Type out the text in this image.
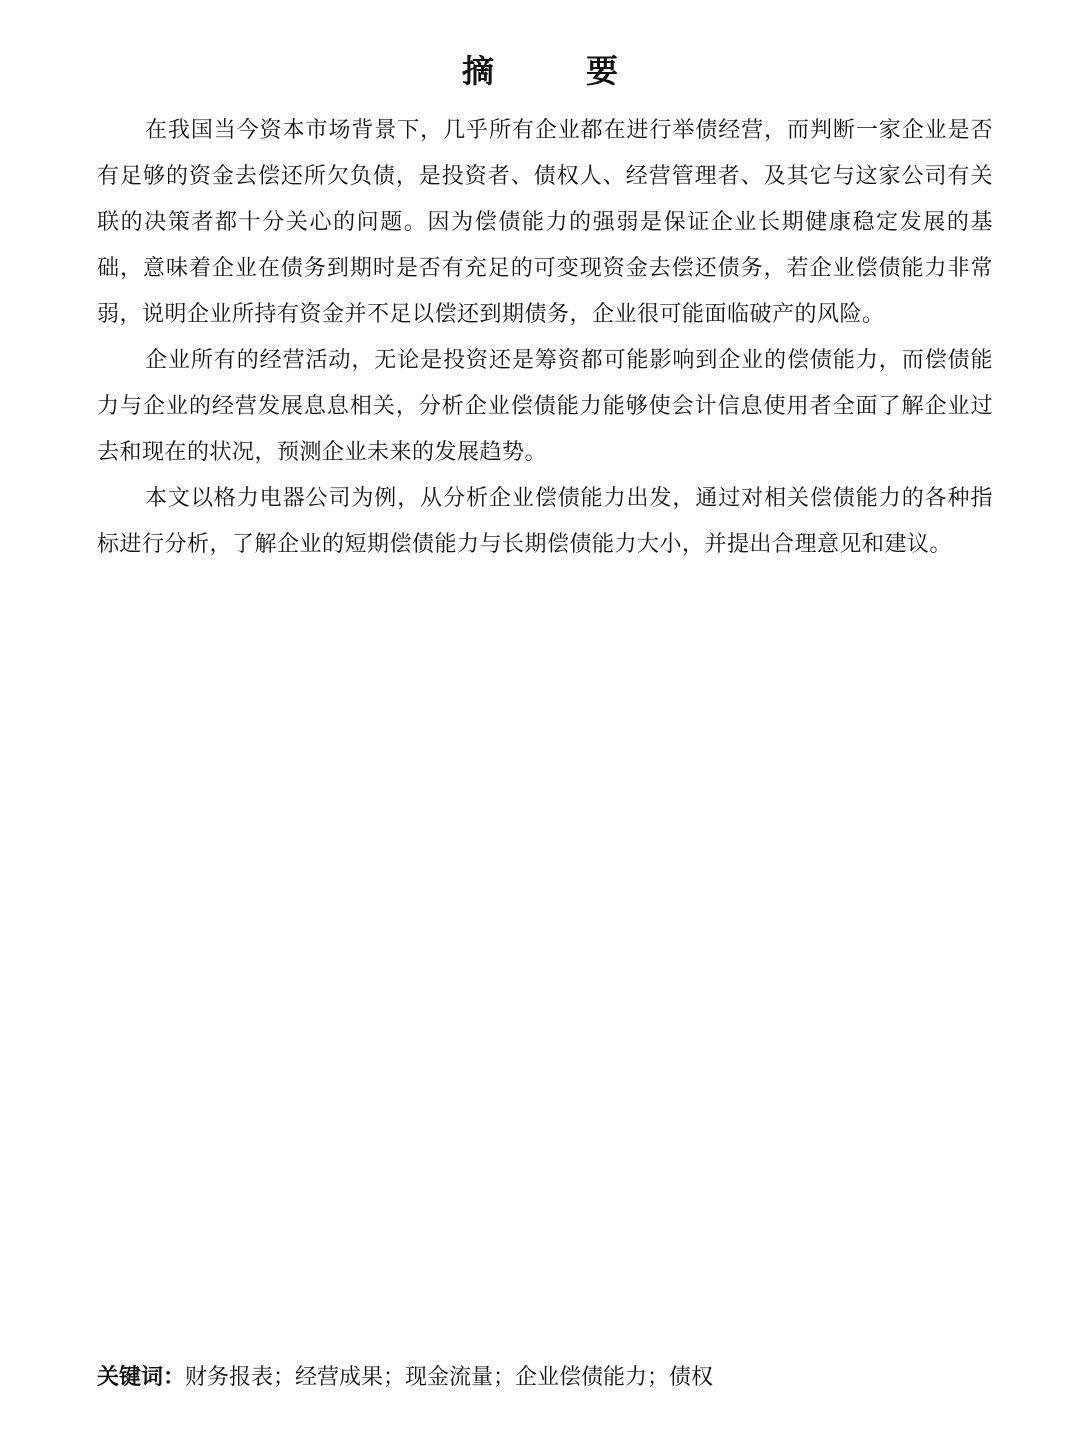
摘　要

在我国当今资本市场背景下，几乎所有企业都在进行举债经营，而判断一家企业是否有足够的资金去偿还所欠负债，是投资者、债权人、经营管理者、及其它与这家公司有关联的决策者都十分关心的问题。因为偿债能力的强弱是保证企业长期健康稳定发展的基础，意味着企业在债务到期时是否有充足的可变现资金去偿还债务，若企业偿债能力非常弱，说明企业所持有资金并不足以偿还到期债务，企业很可能面临破产的风险。

企业所有的经营活动，无论是投资还是筹资都可能影响到企业的偿债能力，而偿债能力与企业的经营发展息息相关，分析企业偿债能力能够使会计信息使用者全面了解企业过去和现在的状况，预测企业未来的发展趋势。

本文以格力电器公司为例，从分析企业偿债能力出发，通过对相关偿债能力的各种指标进行分析，了解企业的短期偿债能力与长期偿债能力大小，并提出合理意见和建议。

关键词：财务报表；经营成果；现金流量；企业偿债能力；债权
